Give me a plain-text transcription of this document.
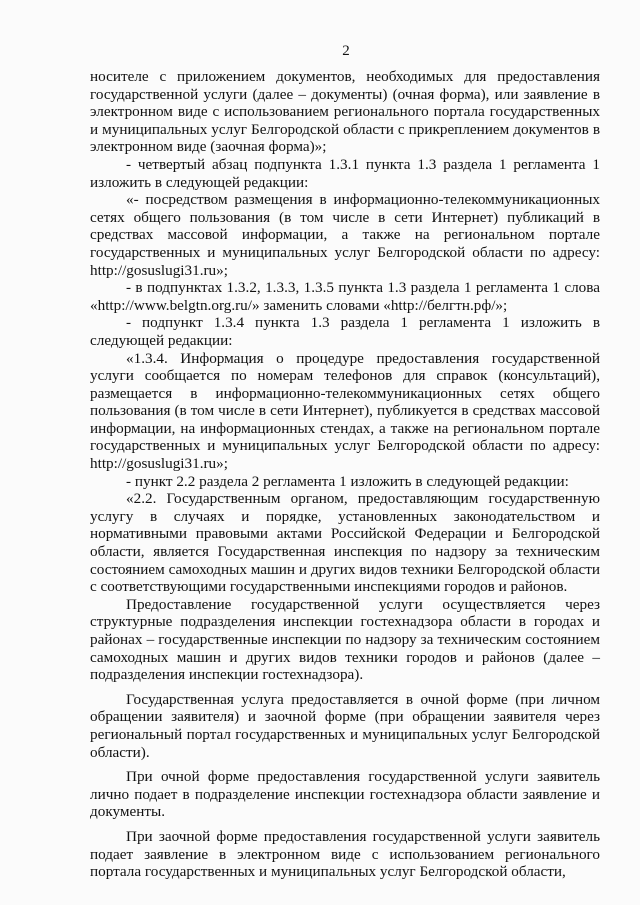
2

носителе с приложением документов, необходимых для предоставления государственной услуги (далее – документы) (очная форма), или заявление в электронном виде с использованием регионального портала государственных и муниципальных услуг Белгородской области с прикреплением документов в электронном виде (заочная форма)»;

- четвертый абзац подпункта 1.3.1 пункта 1.3 раздела 1 регламента 1 изложить в следующей редакции:

«- посредством размещения в информационно-телекоммуникационных сетях общего пользования (в том числе в сети Интернет) публикаций в средствах массовой информации, а также на региональном портале государственных и муниципальных услуг Белгородской области по адресу: http://gosuslugi31.ru»;

- в подпунктах 1.3.2, 1.3.3, 1.3.5 пункта 1.3 раздела 1 регламента 1 слова «http://www.belgtn.org.ru/» заменить словами «http://белгтн.рф/»;

- подпункт 1.3.4 пункта 1.3 раздела 1 регламента 1 изложить в следующей редакции:

«1.3.4. Информация о процедуре предоставления государственной услуги сообщается по номерам телефонов для справок (консультаций), размещается в информационно-телекоммуникационных сетях общего пользования (в том числе в сети Интернет), публикуется в средствах массовой информации, на информационных стендах, а также на региональном портале государственных и муниципальных услуг Белгородской области по адресу: http://gosuslugi31.ru»;

- пункт 2.2 раздела 2 регламента 1 изложить в следующей редакции:

«2.2. Государственным органом, предоставляющим государственную услугу в случаях и порядке, установленных законодательством и нормативными правовыми актами Российской Федерации и Белгородской области, является Государственная инспекция по надзору за техническим состоянием самоходных машин и других видов техники Белгородской области с соответствующими государственными инспекциями городов и районов.

Предоставление государственной услуги осуществляется через структурные подразделения инспекции гостехнадзора области в городах и районах – государственные инспекции по надзору за техническим состоянием самоходных машин и других видов техники городов и районов (далее – подразделения инспекции гостехнадзора).

Государственная услуга предоставляется в очной форме (при личном обращении заявителя) и заочной форме (при обращении заявителя через региональный портал государственных и муниципальных услуг Белгородской области).

При очной форме предоставления государственной услуги заявитель лично подает в подразделение инспекции гостехнадзора области заявление и документы.

При заочной форме предоставления государственной услуги заявитель подает заявление в электронном виде с использованием регионального портала государственных и муниципальных услуг Белгородской области,
